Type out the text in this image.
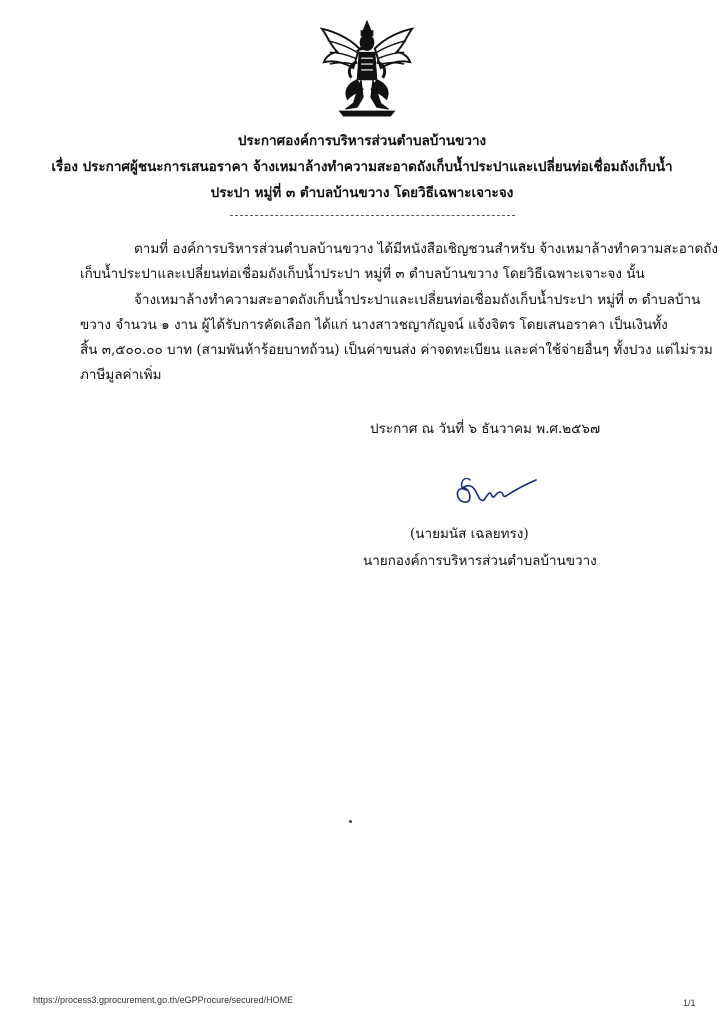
ประกาศองค์การบริหารส่วนตำบลบ้านขวาง
เรื่อง ประกาศผู้ชนะการเสนอราคา จ้างเหมาล้างทำความสะอาดถังเก็บน้ำประปาและเปลี่ยนท่อเชื่อมถังเก็บน้ำ
ประปา หมู่ที่ ๓ ตำบลบ้านขวาง โดยวิธีเฉพาะเจาะจง
ตามที่ องค์การบริหารส่วนตำบลบ้านขวาง ได้มีหนังสือเชิญชวนสำหรับ จ้างเหมาล้างทำความสะอาดถัง
เก็บน้ำประปาและเปลี่ยนท่อเชื่อมถังเก็บน้ำประปา หมู่ที่ ๓ ตำบลบ้านขวาง โดยวิธีเฉพาะเจาะจง นั้น
จ้างเหมาล้างทำความสะอาดถังเก็บน้ำประปาและเปลี่ยนท่อเชื่อมถังเก็บน้ำประปา หมู่ที่ ๓ ตำบลบ้าน
ขวาง จำนวน ๑ งาน ผู้ได้รับการคัดเลือก ได้แก่ นางสาวชญากัญจน์ แจ้งจิตร โดยเสนอราคา เป็นเงินทั้ง
สิ้น ๓,๕๐๐.๐๐ บาท (สามพันห้าร้อยบาทถ้วน) เป็นค่าขนส่ง ค่าจดทะเบียน และค่าใช้จ่ายอื่นๆ ทั้งปวง แต่ไม่รวม
ภาษีมูลค่าเพิ่ม
ประกาศ ณ วันที่ ๖ ธันวาคม พ.ศ.๒๕๖๗
(นายมนัส เฉลยทรง)
นายกองค์การบริหารส่วนตำบลบ้านขวาง
https://process3.gprocurement.go.th/eGPProcure/secured/HOME	1/1
